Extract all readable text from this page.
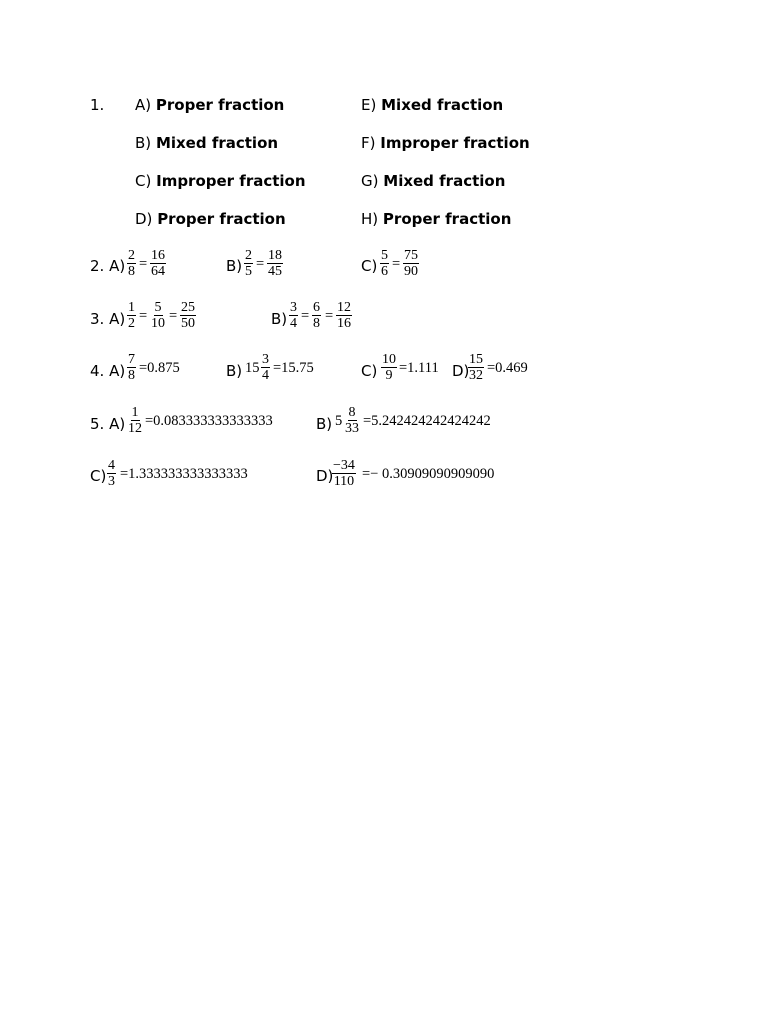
1. A) Proper fraction
B) Mixed fraction
C) Improper fraction
D) Proper fraction
E) Mixed fraction
F) Improper fraction
G) Mixed fraction
H) Proper fraction
2. $A) \frac{2}{8} = \frac{16}{64}$	$B) \frac{2}{5} = \frac{18}{45}$	$C) \frac{5}{6} = \frac{75}{90}$
3. $A) \frac{1}{2} = \frac{5}{10} = \frac{25}{50}$	$B) \frac{3}{4} = \frac{6}{8} = \frac{12}{16}$
4. $A) \frac{7}{8} =0.875$	B) $15 \frac{3}{4} =15.75$	$C) \frac{10}{9} =1.111$ D)
$\frac{15}{32} =0.469$
5. $A) \frac{1}{12} =0.083333333333333$	B) $5 \frac{8}{33} =5.242424242424242$
$C) \frac{4}{3} =1.333333333333333$	D)
$\frac{-34}{110} =- 0.30909090909090$
